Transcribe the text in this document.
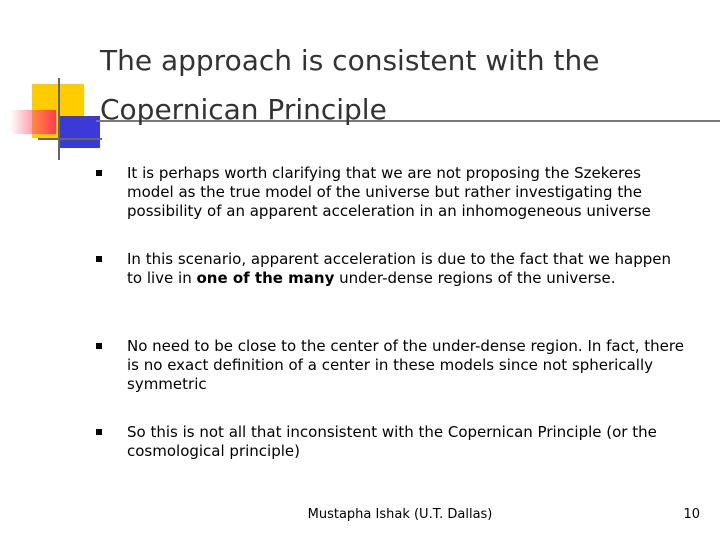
The approach is consistent with the
Copernican Principle
It is perhaps worth clarifying that we are not proposing the Szekeres model as the true model of the universe but rather investigating the possibility of an apparent acceleration in an inhomogeneous universe
In this scenario, apparent acceleration is due to the fact that we happen to live in one of the many under-dense regions of the universe.
No need to be close to the center of the under-dense region. In fact, there is no exact definition of a center in these models since not spherically symmetric
So this is not all that inconsistent with the Copernican Principle (or the cosmological principle)
Mustapha Ishak (U.T. Dallas)	10
